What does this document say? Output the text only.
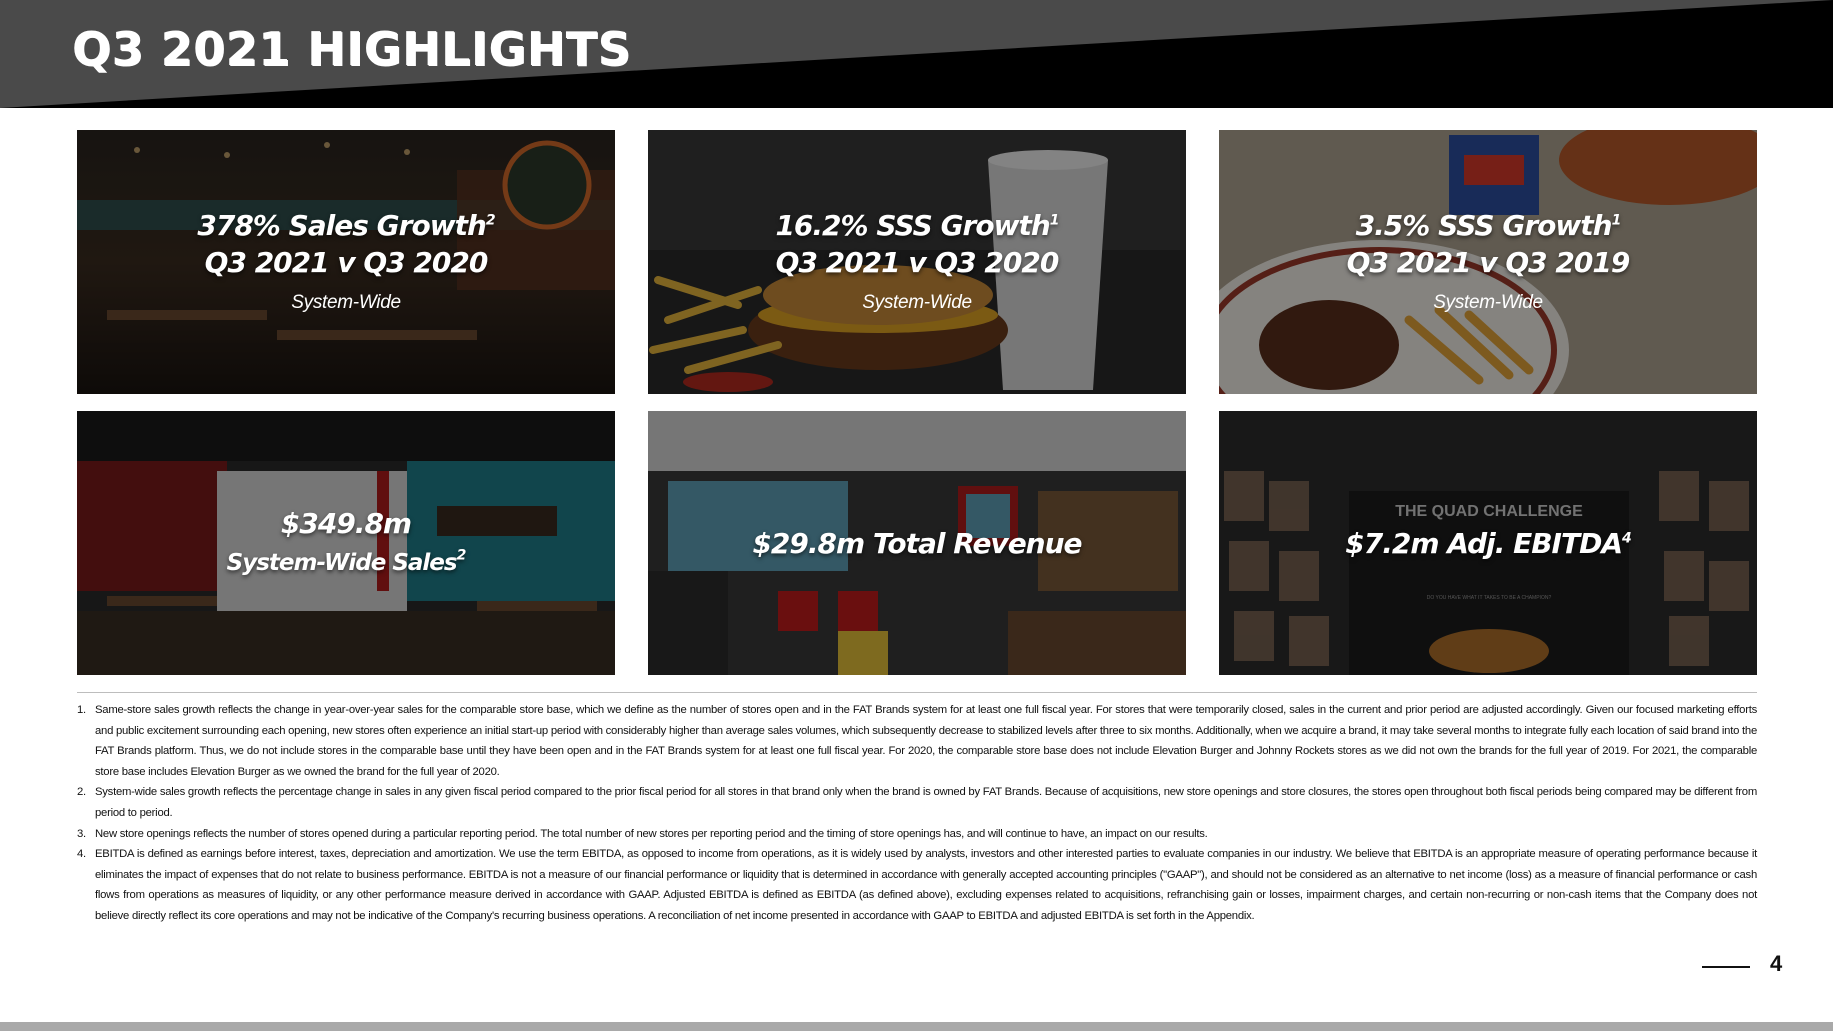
Q3 2021 HIGHLIGHTS
378% Sales Growth$^2$
Q3 2021 v Q3 2020
System-Wide
16.2% SSS Growth$^1$
Q3 2021 v Q3 2020
System-Wide
3.5% SSS Growth$^1$
Q3 2021 v Q3 2019
System-Wide
$349.8m
System-Wide Sales$^2$	$29.8m Total Revenue
THE QUAD CHALLENGE
DO YOU HAVE WHAT IT TAKES TO BE A CHAMPION?
$7.2m Adj. EBITDA$^4$
1. Same-store sales growth reflects the change in year-over-year sales for the comparable store base, which we define as the number of stores open and in the FAT Brands system for at least one full fiscal year. For stores that were temporarily closed, sales in the current and prior period are adjusted accordingly. Given our focused marketing efforts and public excitement surrounding each opening, new stores often experience an initial start-up period with considerably higher than average sales volumes, which subsequently decrease to stabilized levels after three to six months. Additionally, when we acquire a brand, it may take several months to integrate fully each location of said brand into the FAT Brands platform. Thus, we do not include stores in the comparable base until they have been open and in the FAT Brands system for at least one full fiscal year. For 2020, the comparable store base does not include Elevation Burger and Johnny Rockets stores as we did not own the brands for the full year of 2019. For 2021, the comparable store base includes Elevation Burger as we owned the brand for the full year of 2020.
2. System-wide sales growth reflects the percentage change in sales in any given fiscal period compared to the prior fiscal period for all stores in that brand only when the brand is owned by FAT Brands. Because of acquisitions, new store openings and store closures, the stores open throughout both fiscal periods being compared may be different from period to period.
3. New store openings reflects the number of stores opened during a particular reporting period. The total number of new stores per reporting period and the timing of store openings has, and will continue to have, an impact on our results.
4. EBITDA is defined as earnings before interest, taxes, depreciation and amortization. We use the term EBITDA, as opposed to income from operations, as it is widely used by analysts, investors and other interested parties to evaluate companies in our industry. We believe that EBITDA is an appropriate measure of operating performance because it eliminates the impact of expenses that do not relate to business performance. EBITDA is not a measure of our financial performance or liquidity that is determined in accordance with generally accepted accounting principles ("GAAP"), and should not be considered as an alternative to net income (loss) as a measure of financial performance or cash flows from operations as measures of liquidity, or any other performance measure derived in accordance with GAAP. Adjusted EBITDA is defined as EBITDA (as defined above), excluding expenses related to acquisitions, refranchising gain or losses, impairment charges, and certain non-recurring or non-cash items that the Company does not believe directly reflect its core operations and may not be indicative of the Company's recurring business operations. A reconciliation of net income presented in accordance with GAAP to EBITDA and adjusted EBITDA is set forth in the Appendix.
4
